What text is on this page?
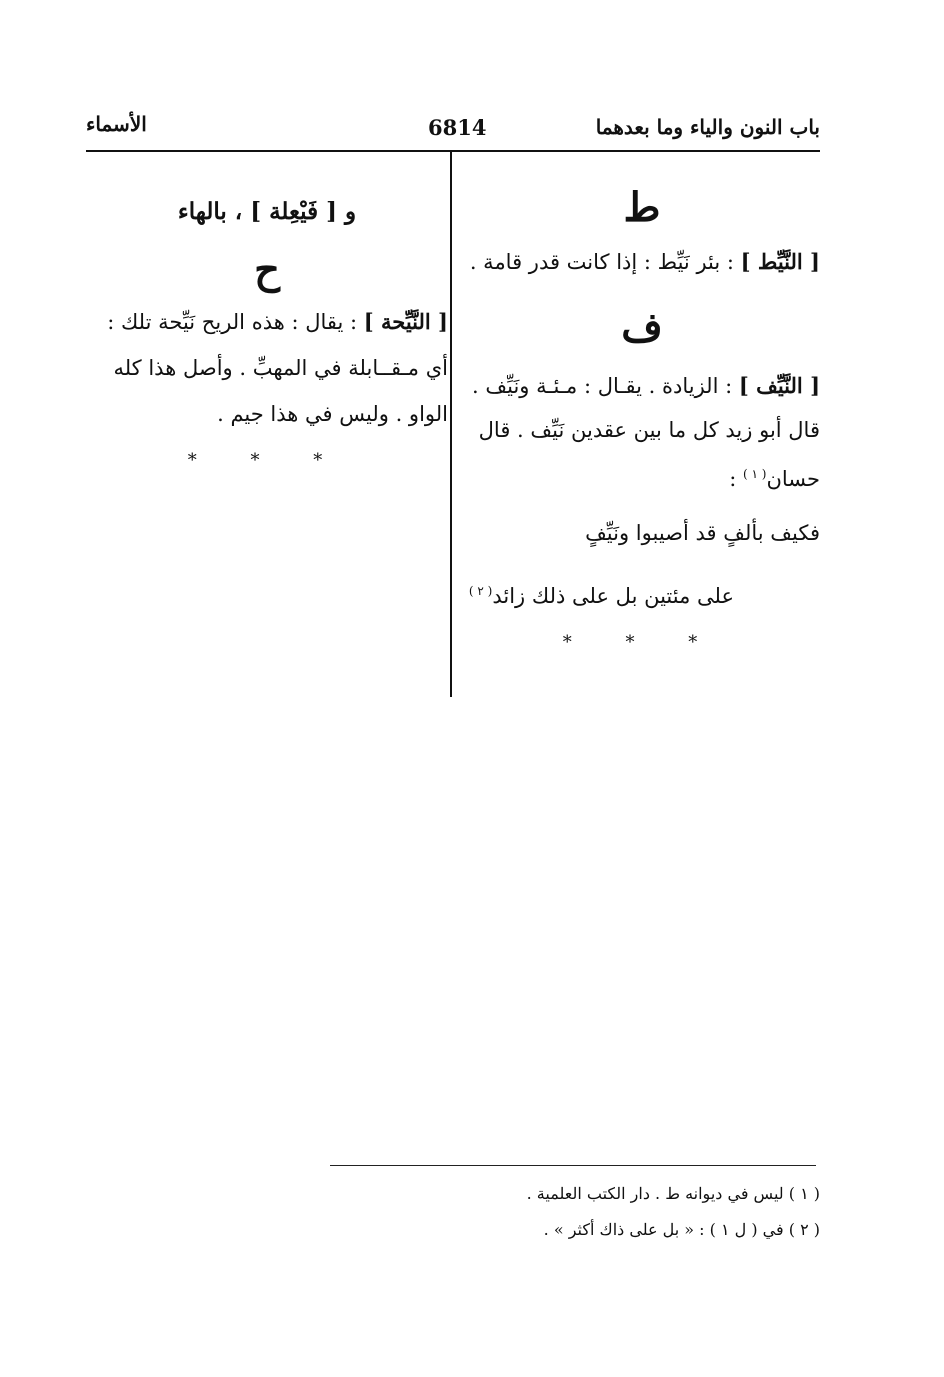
باب النون والياء وما بعدهما
6814
الأسماء
ط
[ النَّيِّط ] : بئر نَيِّط : إذا كانت قدر قامة .
ف
[ النَّيِّف ] : الزيادة . يقـال : مـئـة ونَيِّف .
قال أبو زيد كل ما بين عقدين نَيِّف . قال
حسان$^{( ١ )}$ :
فكيف بألفٍ قد أصيبوا ونَيِّفٍ
على مئتين بل على ذلك زائد$^{( ٢ )}$
* * *
و [ فَيْعِلة ] ، بالهاء
ح
[ النَّيِّحة ] : يقال : هذه الريح نَيِّحة تلك :
أي مـقــابلة في المهبِّ . وأصل هذا كله
الواو . وليس في هذا جيم .
* * *
( ١ ) ليس في ديوانه ط . دار الكتب العلمية .
( ٢ ) في ( ل ١ ) : « بل على ذاك أكثر » .
